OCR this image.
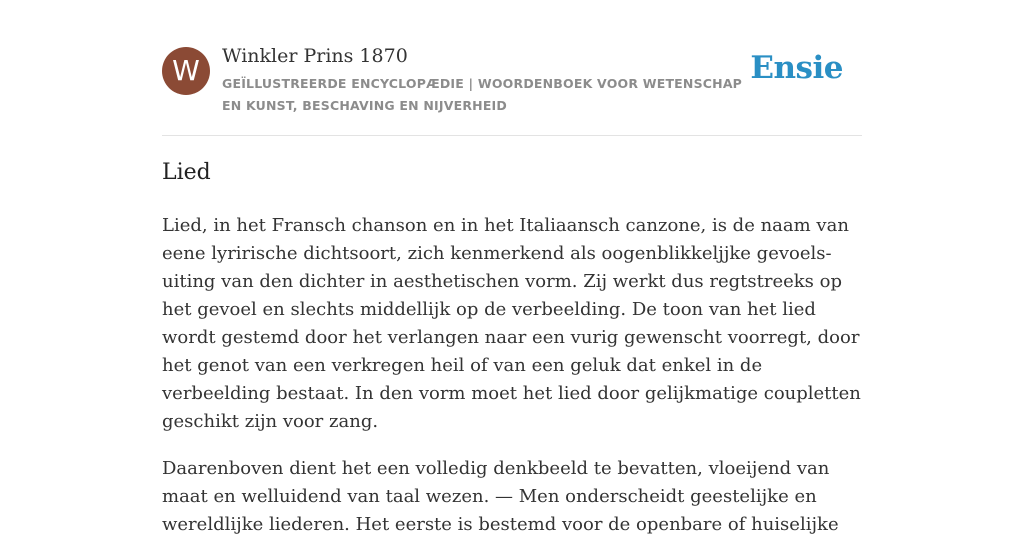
W	Winkler Prins 1870
GEÏLLUSTREERDE ENCYCLOPÆDIE | WOORDENBOEK VOOR WETENSCHAP EN KUNST, BESCHAVING EN NIJVERHEID
Ensie
Lied

Lied, in het Fransch chanson en in het Italiaansch canzone, is de naam van eene lyrirische dichtsoort, zich kenmerkend als oogenblikkeljjke gevoels-uiting van den dichter in aesthetischen vorm. Zij werkt dus regtstreeks op het gevoel en slechts middellijk op de verbeelding. De toon van het lied wordt gestemd door het verlangen naar een vurig gewenscht voorregt, door het genot van een verkregen heil of van een geluk dat enkel in de verbeelding bestaat. In den vorm moet het lied door gelijkmatige coupletten geschikt zijn voor zang.

Daarenboven dient het een volledig denkbeeld te bevatten, vloeijend van maat en welluidend van taal wezen. — Men onderscheidt geestelijke en wereldlijke liederen. Het eerste is bestemd voor de openbare of huiselijke
